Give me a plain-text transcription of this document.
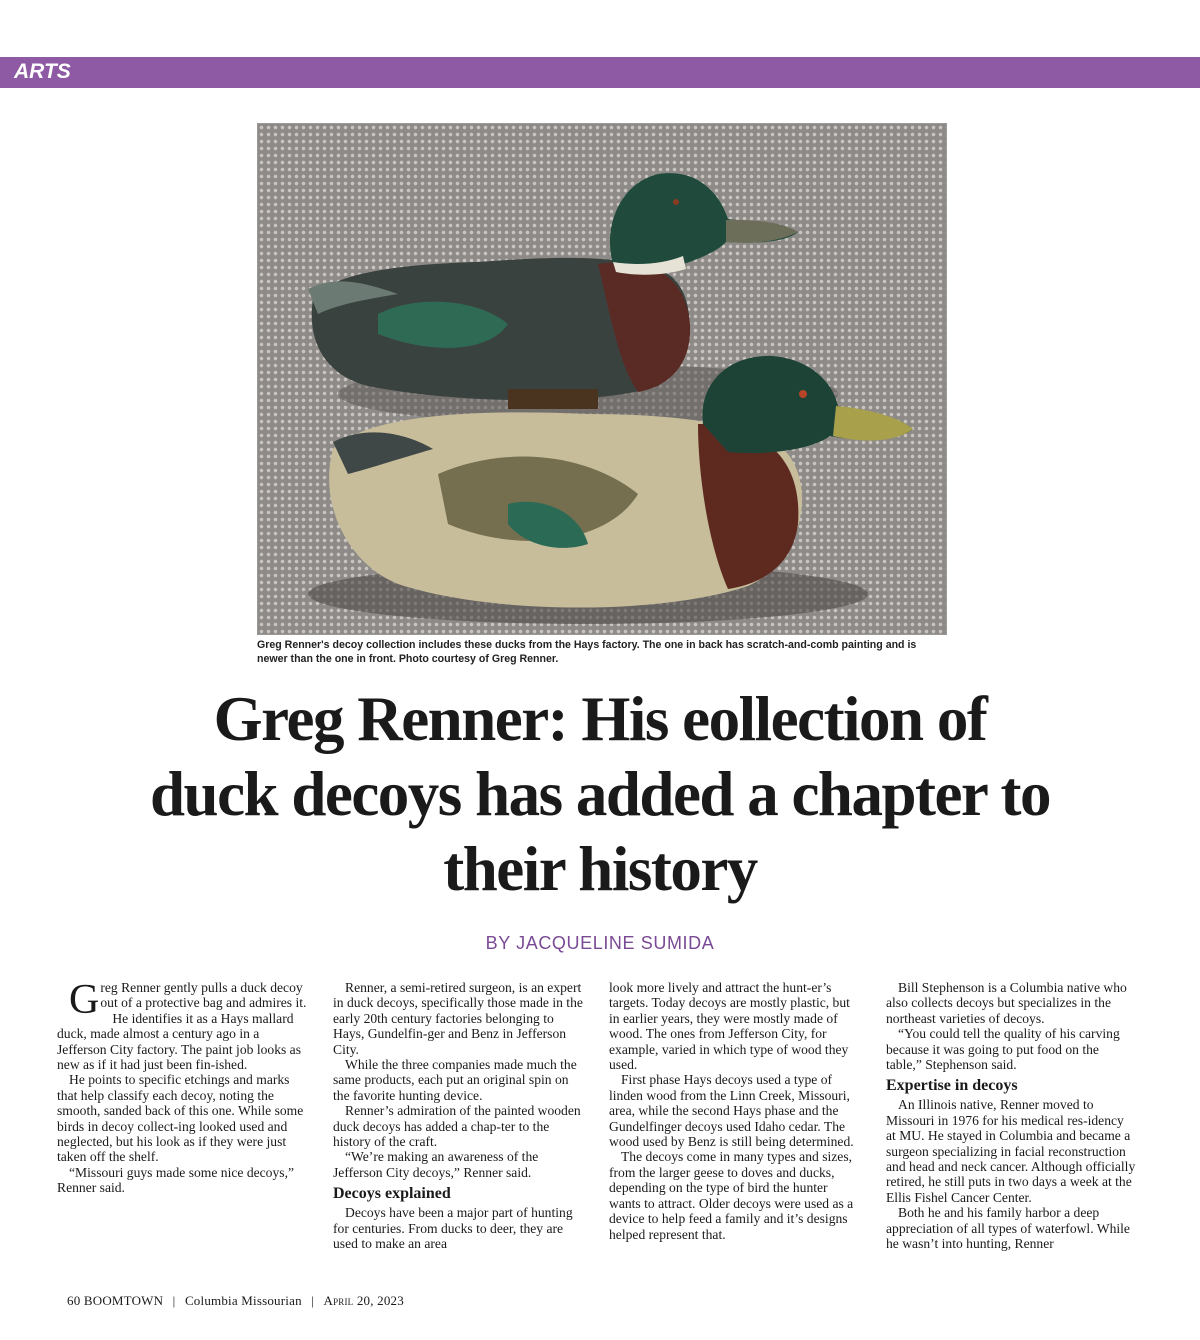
ARTS
Greg Renner's decoy collection includes these ducks from the Hays factory. The one in back has scratch-and-comb painting and is newer than the one in front. Photo courtesy of Greg Renner.
Greg Renner: His eollection of duck decoys has added a chapter to their history
BY JACQUELINE SUMIDA

Greg Renner gently pulls a duck decoy out of a protective bag and admires it.

He identifies it as a Hays mallard duck, made almost a century ago in a Jefferson City factory. The paint job looks as new as if it had just been fin-ished.

He points to specific etchings and marks that help classify each decoy, noting the smooth, sanded back of this one. While some birds in decoy collect-ing looked used and neglected, but his look as if they were just taken off the shelf.

“Missouri guys made some nice decoys,” Renner said.

Renner, a semi-retired surgeon, is an expert in duck decoys, specifically those made in the early 20th century factories belonging to Hays, Gundelfin-ger and Benz in Jefferson City.

While the three companies made much the same products, each put an original spin on the favorite hunting device.

Renner’s admiration of the painted wooden duck decoys has added a chap-ter to the history of the craft.

“We’re making an awareness of the Jefferson City decoys,” Renner said.

Decoys explained

Decoys have been a major part of hunting for centuries. From ducks to deer, they are used to make an area

look more lively and attract the hunt-er’s targets. Today decoys are mostly plastic, but in earlier years, they were mostly made of wood. The ones from Jefferson City, for example, varied in which type of wood they used.

First phase Hays decoys used a type of linden wood from the Linn Creek, Missouri, area, while the second Hays phase and the Gundelfinger decoys used Idaho cedar. The wood used by Benz is still being determined.

The decoys come in many types and sizes, from the larger geese to doves and ducks, depending on the type of bird the hunter wants to attract. Older decoys were used as a device to help feed a family and it’s designs helped represent that.

Bill Stephenson is a Columbia native who also collects decoys but specializes in the northeast varieties of decoys.

“You could tell the quality of his carving because it was going to put food on the table,” Stephenson said.

Expertise in decoys

An Illinois native, Renner moved to Missouri in 1976 for his medical res-idency at MU. He stayed in Columbia and became a surgeon specializing in facial reconstruction and head and neck cancer. Although officially retired, he still puts in two days a week at the Ellis Fishel Cancer Center.

Both he and his family harbor a deep appreciation of all types of waterfowl. While he wasn’t into hunting, Renner

60 BOOMTOWN | Columbia Missourian | April 20, 2023
